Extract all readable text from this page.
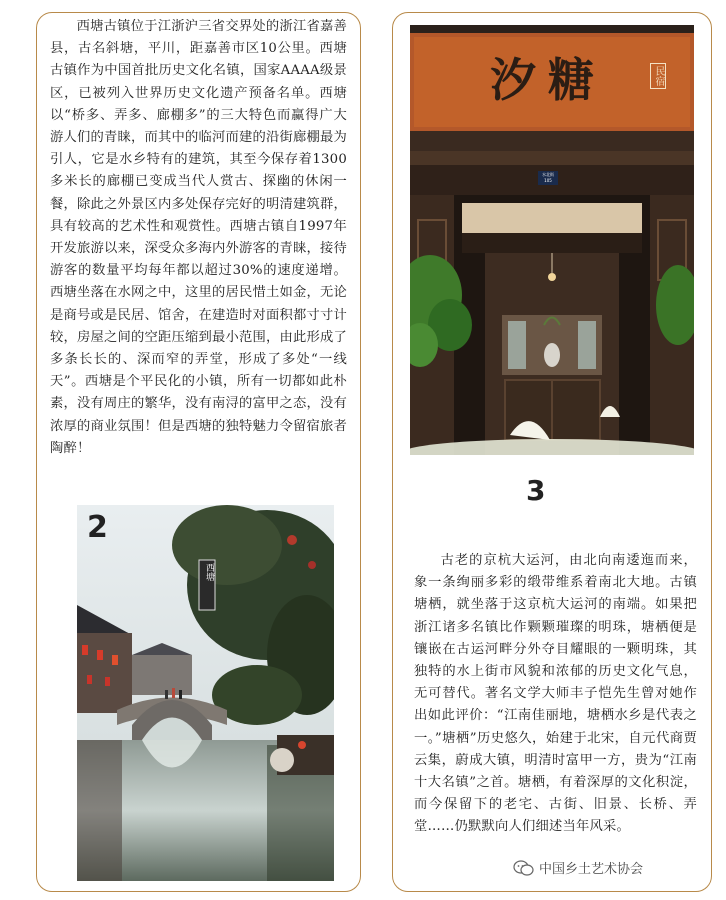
西塘古镇位于江浙沪三省交界处的浙江省嘉善县，古名斜塘，平川，距嘉善市区10公里。西塘古镇作为中国首批历史文化名镇，国家AAAA级景区，已被列入世界历史文化遗产预备名单。西塘以“桥多、弄多、廊棚多”的三大特色而赢得广大游人们的青睐，而其中的临河而建的沿街廊棚最为引人，它是水乡特有的建筑，其至今保存着1300多米长的廊棚已变成当代人赏古、探幽的休闲一餐，除此之外景区内多处保存完好的明清建筑群，具有较高的艺术性和观赏性。西塘古镇自1997年开发旅游以来，深受众多海内外游客的青睐，接待游客的数量平均每年都以超过30%的速度递增。西塘坐落在水网之中，这里的居民惜土如金，无论是商号或是民居、馆舍，在建造时对面积都寸寸计较，房屋之间的空距压缩到最小范围，由此形成了多条长长的、深而窄的弄堂，形成了多处“一线天”。西塘是个平民化的小镇，所有一切都如此朴素，没有周庄的繁华，没有南浔的富甲之态，没有浓厚的商业氛围！但是西塘的独特魅力令留宿旅者陶醉！

2
西塘
汐糖	民宿
水北街 105
3

古老的京杭大运河，由北向南逶迤而来，象一条绚丽多彩的缎带维系着南北大地。古镇塘栖，就坐落于这京杭大运河的南端。如果把浙江诸多名镇比作颗颗璀璨的明珠，塘栖便是镶嵌在古运河畔分外夺目耀眼的一颗明珠，其独特的水上街市风貌和浓郁的历史文化气息，无可替代。著名文学大师丰子恺先生曾对她作出如此评价：“江南佳丽地，塘栖水乡是代表之一。”塘栖”历史悠久，始建于北宋，自元代商贾云集，蔚成大镇，明清时富甲一方，贵为“江南十大名镇”之首。塘栖，有着深厚的文化积淀，而今保留下的老宅、古街、旧景、长桥、弄堂……仍默默向人们细述当年风采。

中国乡土艺术协会
